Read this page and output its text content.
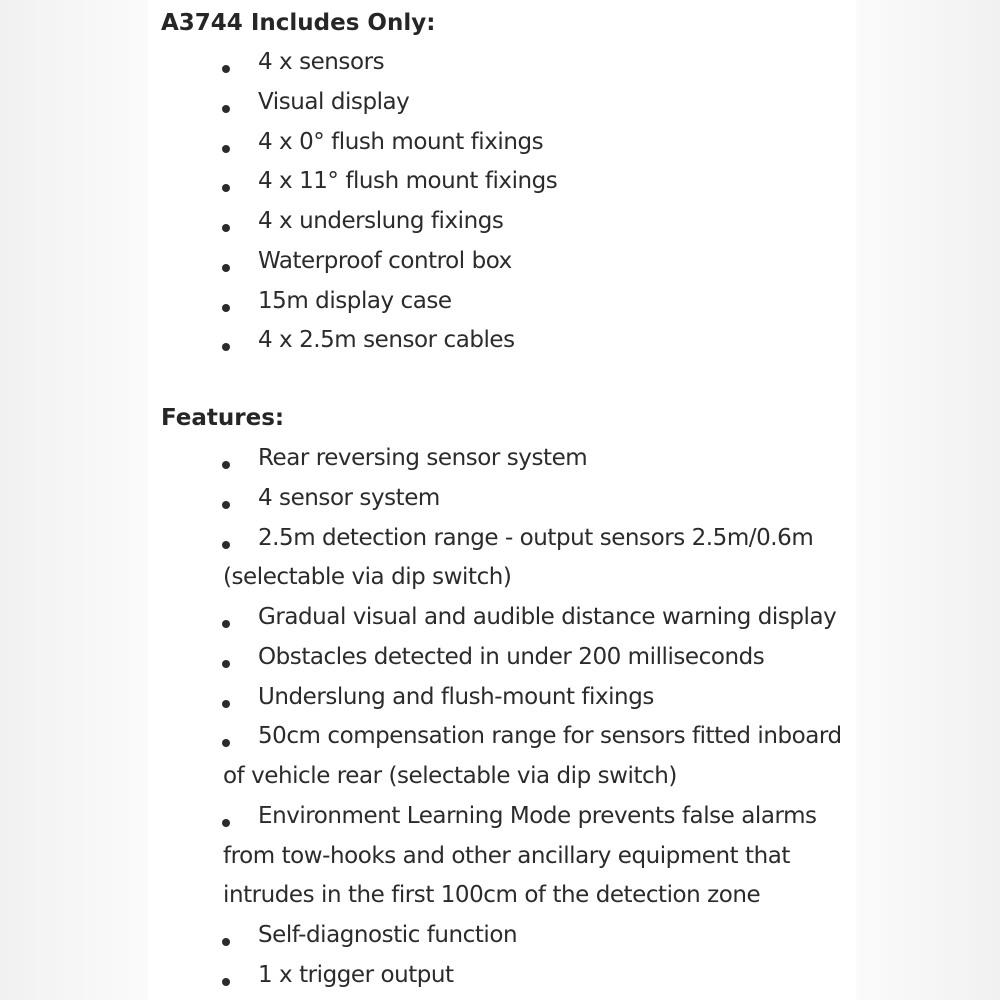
A3744 Includes Only:
4 x sensors
Visual display
4 x 0° flush mount fixings
4 x 11° flush mount fixings
4 x underslung fixings
Waterproof control box
15m display case
4 x 2.5m sensor cables
Features:
Rear reversing sensor system
4 sensor system
2.5m detection range - output sensors 2.5m/0.6m (selectable via dip switch)
Gradual visual and audible distance warning display
Obstacles detected in under 200 milliseconds
Underslung and flush-mount fixings
50cm compensation range for sensors fitted inboard of vehicle rear (selectable via dip switch)
Environment Learning Mode prevents false alarms from tow-hooks and other ancillary equipment that intrudes in the first 100cm of the detection zone
Self-diagnostic function
1 x trigger output
